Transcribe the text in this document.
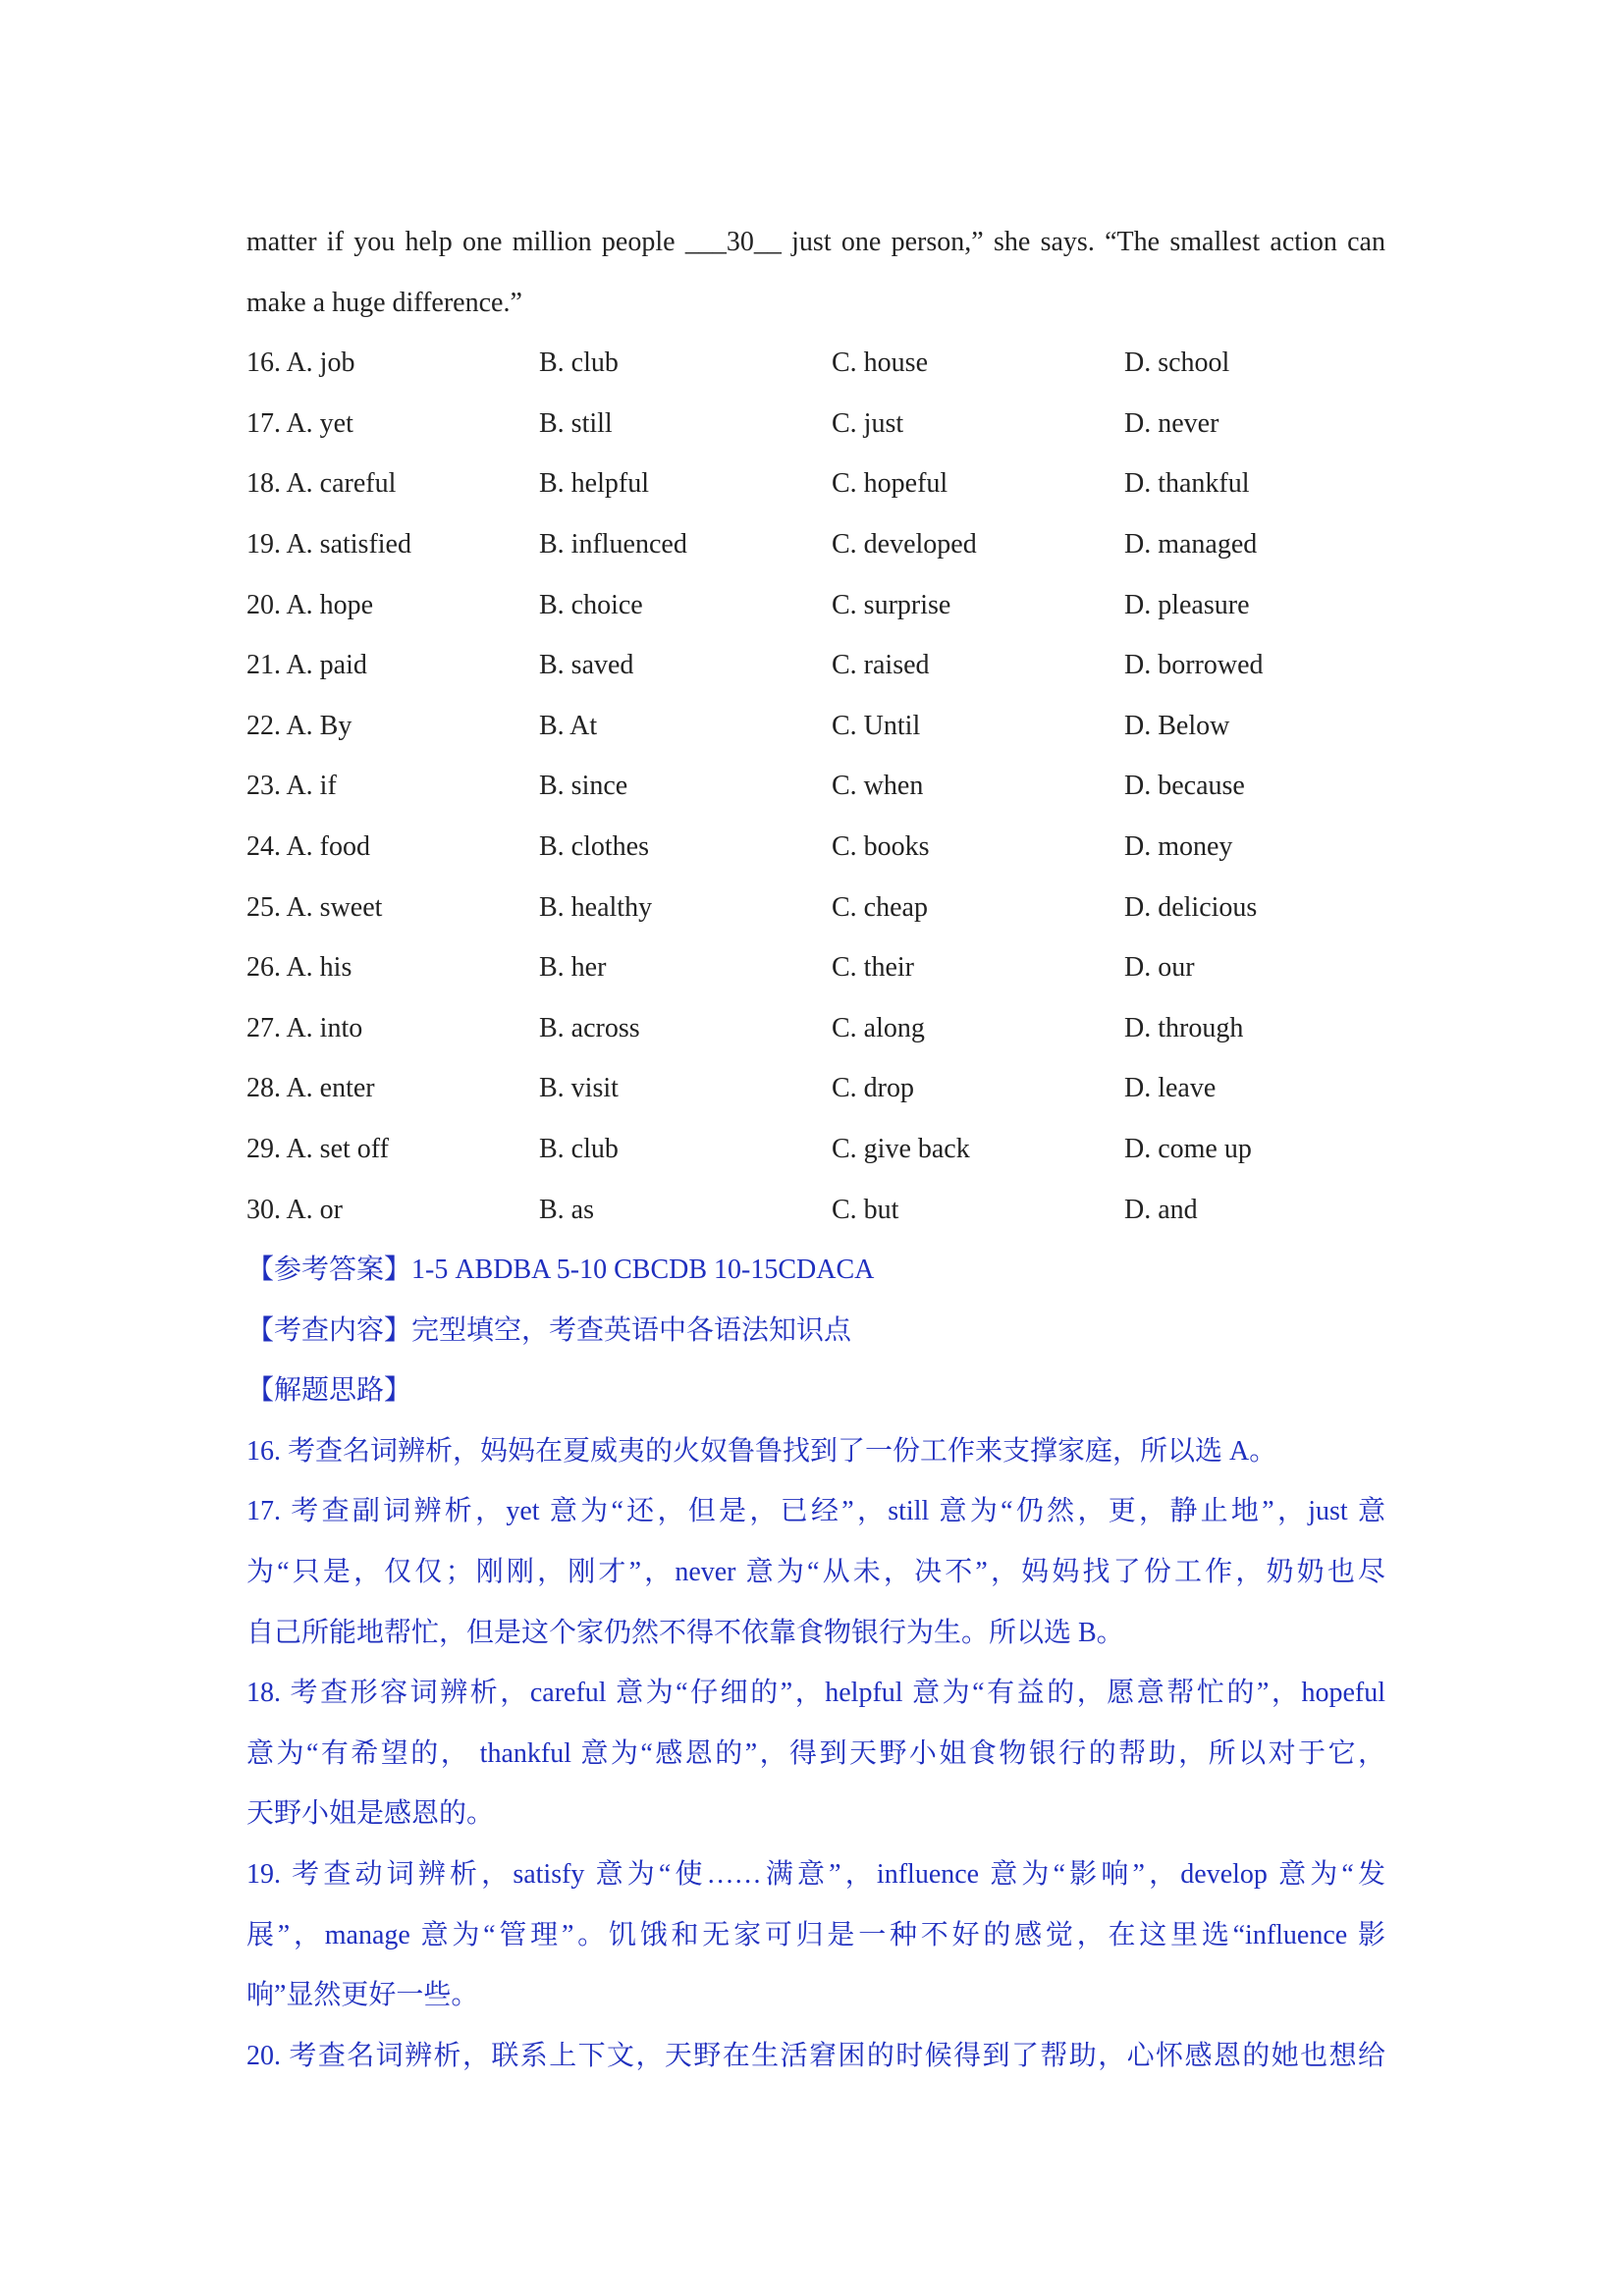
matter if you help one million people ___30__ just one person,” she says. “The smallest action can
make a huge difference.”
16. A. job	B. club	C. house	D. school
17. A. yet	B. still	C. just	D. never
18. A. careful	B. helpful	C. hopeful	D. thankful
19. A. satisfied	B. influenced	C. developed	D. managed
20. A. hope	B. choice	C. surprise	D. pleasure
21. A. paid	B. saved	C. raised	D. borrowed
22. A. By	B. At	C. Until	D. Below
23. A. if	B. since	C. when	D. because
24. A. food	B. clothes	C. books	D. money
25. A. sweet	B. healthy	C. cheap	D. delicious
26. A. his	B. her	C. their	D. our
27. A. into	B. across	C. along	D. through
28. A. enter	B. visit	C. drop	D. leave
29. A. set off	B. club	C. give back	D. come up
30. A. or	B. as	C. but	D. and
【参考答案】1-5 ABDBA 5-10 CBCDB 10-15CDACA
【考查内容】完型填空，考查英语中各语法知识点
【解题思路】
16. 考查名词辨析，妈妈在夏威夷的火奴鲁鲁找到了一份工作来支撑家庭，所以选 A。
17. 考查副词辨析，yet 意为“还，但是，已经”，still 意为“仍然，更，静止地”，just 意
为“只是，仅仅；刚刚，刚才”，never 意为“从未，决不”，妈妈找了份工作，奶奶也尽
自己所能地帮忙，但是这个家仍然不得不依靠食物银行为生。所以选 B。
18. 考查形容词辨析，careful 意为“仔细的”，helpful 意为“有益的，愿意帮忙的”，hopeful
意为“有希望的， thankful 意为“感恩的”，得到天野小姐食物银行的帮助，所以对于它，
天野小姐是感恩的。
19. 考查动词辨析，satisfy 意为“使……满意”，influence 意为“影响”，develop 意为“发
展”，manage 意为“管理”。饥饿和无家可归是一种不好的感觉，在这里选“influence 影
响”显然更好一些。
20. 考查名词辨析，联系上下文，天野在生活窘困的时候得到了帮助，心怀感恩的她也想给
